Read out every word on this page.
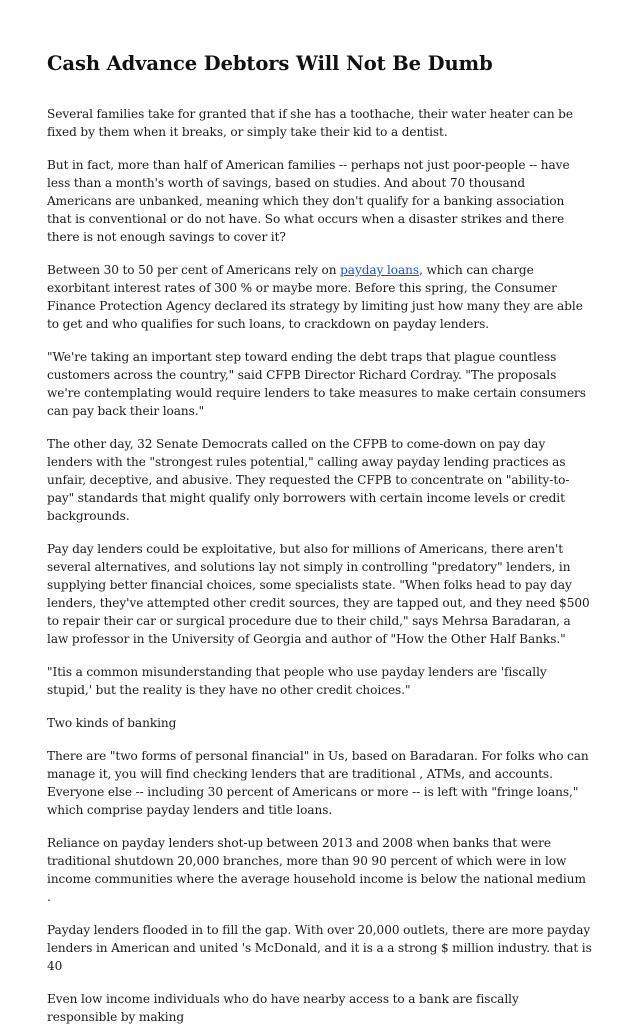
Cash Advance Debtors Will Not Be Dumb

Several families take for granted that if she has a toothache, their water heater can be fixed by them when it breaks, or simply take their kid to a dentist.

But in fact, more than half of American families -- perhaps not just poor-people -- have less than a month's worth of savings, based on studies. And about 70 thousand Americans are unbanked, meaning which they don't qualify for a banking association that is conventional or do not have. So what occurs when a disaster strikes and there there is not enough savings to cover it?

Between 30 to 50 per cent of Americans rely on payday loans, which can charge exorbitant interest rates of 300 % or maybe more. Before this spring, the Consumer Finance Protection Agency declared its strategy by limiting just how many they are able to get and who qualifies for such loans, to crackdown on payday lenders.

"We're taking an important step toward ending the debt traps that plague countless customers across the country," said CFPB Director Richard Cordray. "The proposals we're contemplating would require lenders to take measures to make certain consumers can pay back their loans."

The other day, 32 Senate Democrats called on the CFPB to come-down on pay day lenders with the "strongest rules potential," calling away payday lending practices as unfair, deceptive, and abusive. They requested the CFPB to concentrate on "ability-to-pay" standards that might qualify only borrowers with certain income levels or credit backgrounds.

Pay day lenders could be exploitative, but also for millions of Americans, there aren't several alternatives, and solutions lay not simply in controlling "predatory" lenders, in supplying better financial choices, some specialists state. "When folks head to pay day lenders, they've attempted other credit sources, they are tapped out, and they need $500 to repair their car or surgical procedure due to their child," says Mehrsa Baradaran, a law professor in the University of Georgia and author of "How the Other Half Banks."

"Itis a common misunderstanding that people who use payday lenders are 'fiscally stupid,' but the reality is they have no other credit choices."

Two kinds of banking

There are "two forms of personal financial" in Us, based on Baradaran. For folks who can manage it, you will find checking lenders that are traditional , ATMs, and accounts. Everyone else -- including 30 percent of Americans or more -- is left with "fringe loans," which comprise payday lenders and title loans.

Reliance on payday lenders shot-up between 2013 and 2008 when banks that were traditional shutdown 20,000 branches, more than 90 90 percent of which were in low income communities where the average household income is below the national medium .

Payday lenders flooded in to fill the gap. With over 20,000 outlets, there are more payday lenders in American and united 's McDonald, and it is a a strong $ million industry. that is 40

Even low income individuals who do have nearby access to a bank are fiscally responsible by making
